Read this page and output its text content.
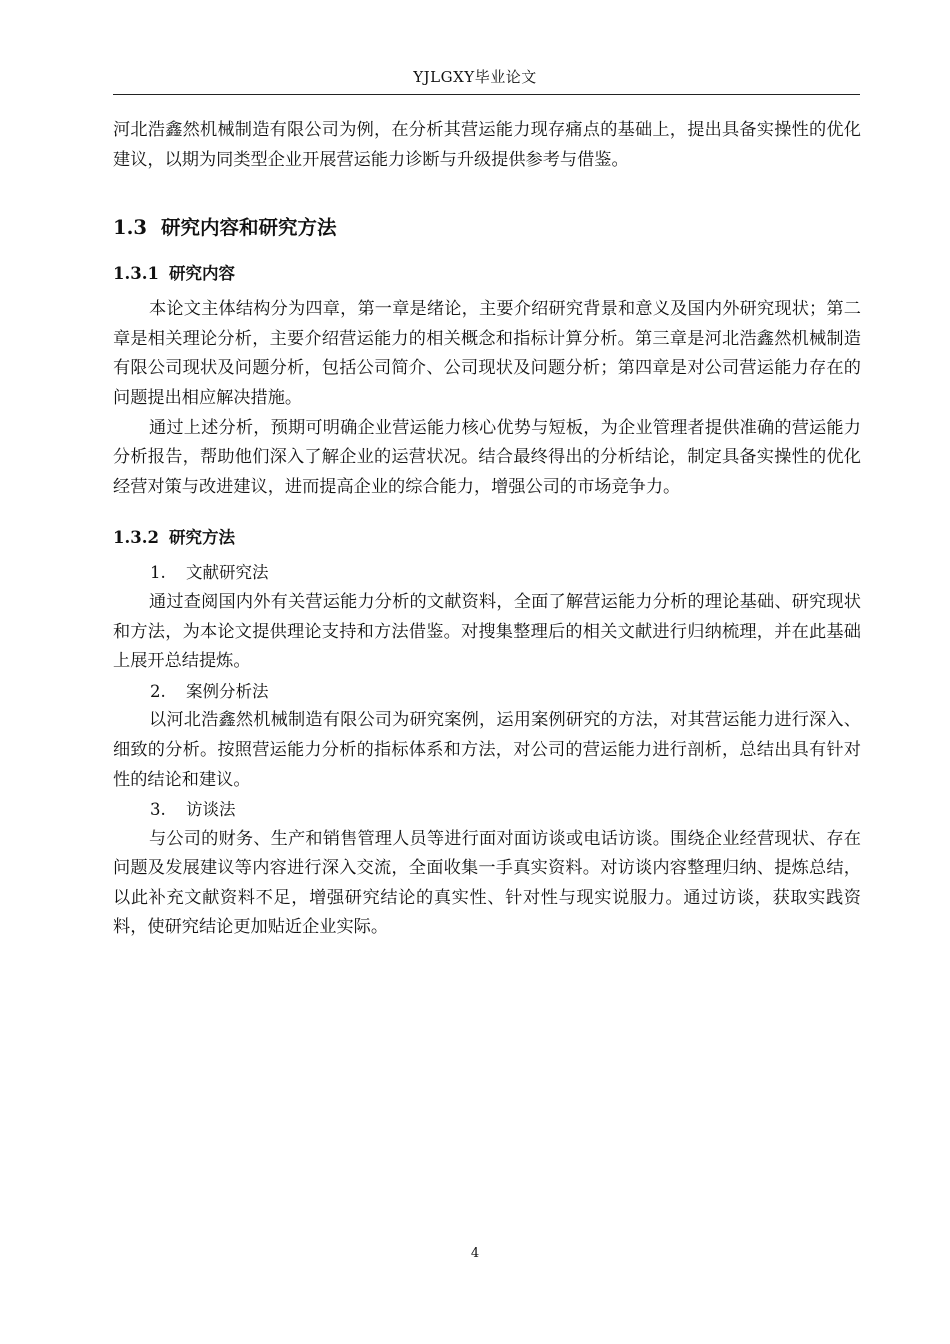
YJLGXY毕业论文

河北浩鑫然机械制造有限公司为例，在分析其营运能力现存痛点的基础上，提出具备实操性的优化建议，以期为同类型企业开展营运能力诊断与升级提供参考与借鉴。

1.3 研究内容和研究方法
1.3.1 研究内容

本论文主体结构分为四章，第一章是绪论，主要介绍研究背景和意义及国内外研究现状；第二章是相关理论分析，主要介绍营运能力的相关概念和指标计算分析。第三章是河北浩鑫然机械制造有限公司现状及问题分析，包括公司简介、公司现状及问题分析；第四章是对公司营运能力存在的问题提出相应解决措施。

通过上述分析，预期可明确企业营运能力核心优势与短板，为企业管理者提供准确的营运能力分析报告，帮助他们深入了解企业的运营状况。结合最终得出的分析结论，制定具备实操性的优化经营对策与改进建议，进而提高企业的综合能力，增强公司的市场竞争力。

1.3.2 研究方法

1. 文献研究法

通过查阅国内外有关营运能力分析的文献资料，全面了解营运能力分析的理论基础、研究现状和方法，为本论文提供理论支持和方法借鉴。对搜集整理后的相关文献进行归纳梳理，并在此基础上展开总结提炼。

2. 案例分析法

以河北浩鑫然机械制造有限公司为研究案例，运用案例研究的方法，对其营运能力进行深入、细致的分析。按照营运能力分析的指标体系和方法，对公司的营运能力进行剖析，总结出具有针对性的结论和建议。

3. 访谈法

与公司的财务、生产和销售管理人员等进行面对面访谈或电话访谈。围绕企业经营现状、存在问题及发展建议等内容进行深入交流，全面收集一手真实资料。对访谈内容整理归纳、提炼总结，以此补充文献资料不足，增强研究结论的真实性、针对性与现实说服力。通过访谈，获取实践资料，使研究结论更加贴近企业实际。

4
